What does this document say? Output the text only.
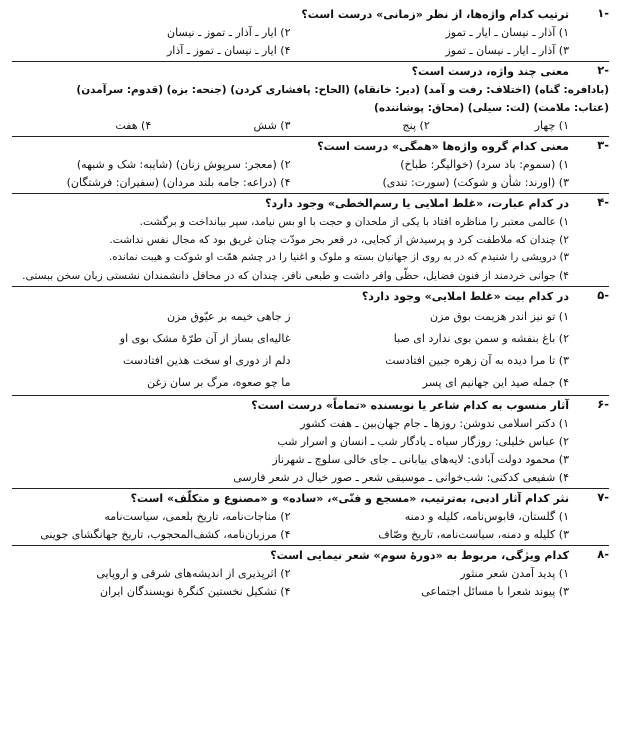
-۱
ترتیب کدام واژه‌ها، از نظر «زمانی» درست است؟
۱) آذار ـ نیسان ـ ایار ـ تموز
۲) ایار ـ آذار ـ تموز ـ نیسان
۳) آذار ـ ایار ـ نیسان ـ تموز
۴) ایار ـ نیسان ـ تموز ـ آذار
-۲
معنی چند واژه، درست است؟
(بادافره: گناه) (اختلاف: رفت و آمد) (دیر: خانقاه) (الحاح: پافشاری کردن) (جنحه: بزه) (قدوم: سرآمدن)
(عتاب: ملامت) (لت: سیلی) (محاق: پوشاننده)
۱) چهار
۲) پنج
۳) شش
۴) هفت
-۳
معنی کدام گروه واژه‌ها «همگی» درست است؟
۱) (سموم: باد سرد) (خوالیگر: طباخ)
۲) (معجر: سرپوش زنان) (شایبه: شک و شبهه)
۳) (اورند: شأن و شوکت) (سورت: تندی)
۴) (دراعه: جامه بلند مردان) (سفیران: فرشتگان)
-۴
در کدام عبارت، «غلط املایی یا رسم‌الخطی» وجود دارد؟
۱) عالمی معتبر را مناظره افتاد با یکی از ملحدان و حجت با او بس نیامد، سپر بیانداخت و برگشت.
۲) چندان که ملاطفت کرد و پرسیدش از کجایی، در قعر بحر مودّت چنان غریق بود که مجال نفس نداشت.
۳) درویشی را شنیدم که در به روی از جهانیان بسته و ملوک و اغنیا را در چشم همّت او شوکت و هیبت نمانده.
۴) جوانی خردمند از فنون فضایل، حظّی وافر داشت و طبعی نافر. چندان که در محافل دانشمندان نشستی زبان سخن ببستی.
-۵
در کدام بیت «غلط املایی» وجود دارد؟
۱) تو نیز اندر هزیمت بوق مزن
ز جاهی خیمه بر عیّوق مزن
۲) باغ بنفشه و سمن بوی ندارد ای صبا
غالیه‌ای بساز از آن طرّهٔ مشک بوی او
۳) تا مرا دیده به آن زهره جبین افتادست
دلم از دوری او سخت هذین افتادست
۴) جمله صید این جهانیم ای پسر
ما چو صعوه، مرگ بر سان زغن
-۶
آثار منسوب به کدام شاعر یا نویسنده «تماماً» درست است؟
۱) دکتر اسلامی ندوشن: روزها ـ جام جهان‌بین ـ هفت کشور
۲) عباس خلیلی: روزگار سیاه ـ یادگار شب ـ انسان و اسرار شب
۳) محمود دولت آبادی: لایه‌های بیابانی ـ جای خالی سلوچ ـ شهرناز
۴) شفیعی کدکنی: شب‌خوانی ـ موسیقی شعر ـ صور خیال در شعر فارسی
-۷
نثر کدام آثار ادبی، به‌ترتیب، «مسجع و فنّی»، «ساده» و «مصنوع و متکلّف» است؟
۱) گلستان، قابوس‌نامه، کلیله و دمنه
۲) مناجات‌نامه، تاریخ بلعمی، سیاست‌نامه
۳) کلیله و دمنه، سیاست‌نامه، تاریخ وصّاف
۴) مرزبان‌نامه، کشف‌المحجوب، تاریخ جهانگشای جوینی
-۸
کدام ویژگی، مربوط به «دورهٔ سوم» شعر نیمایی است؟
۱) پدید آمدن شعر منثور
۲) اثرپذیری از اندیشه‌های شرقی و اروپایی
۳) پیوند شعرا با مسائل اجتماعی
۴) تشکیل نخستین کنگرهٔ نویسندگان ایران
